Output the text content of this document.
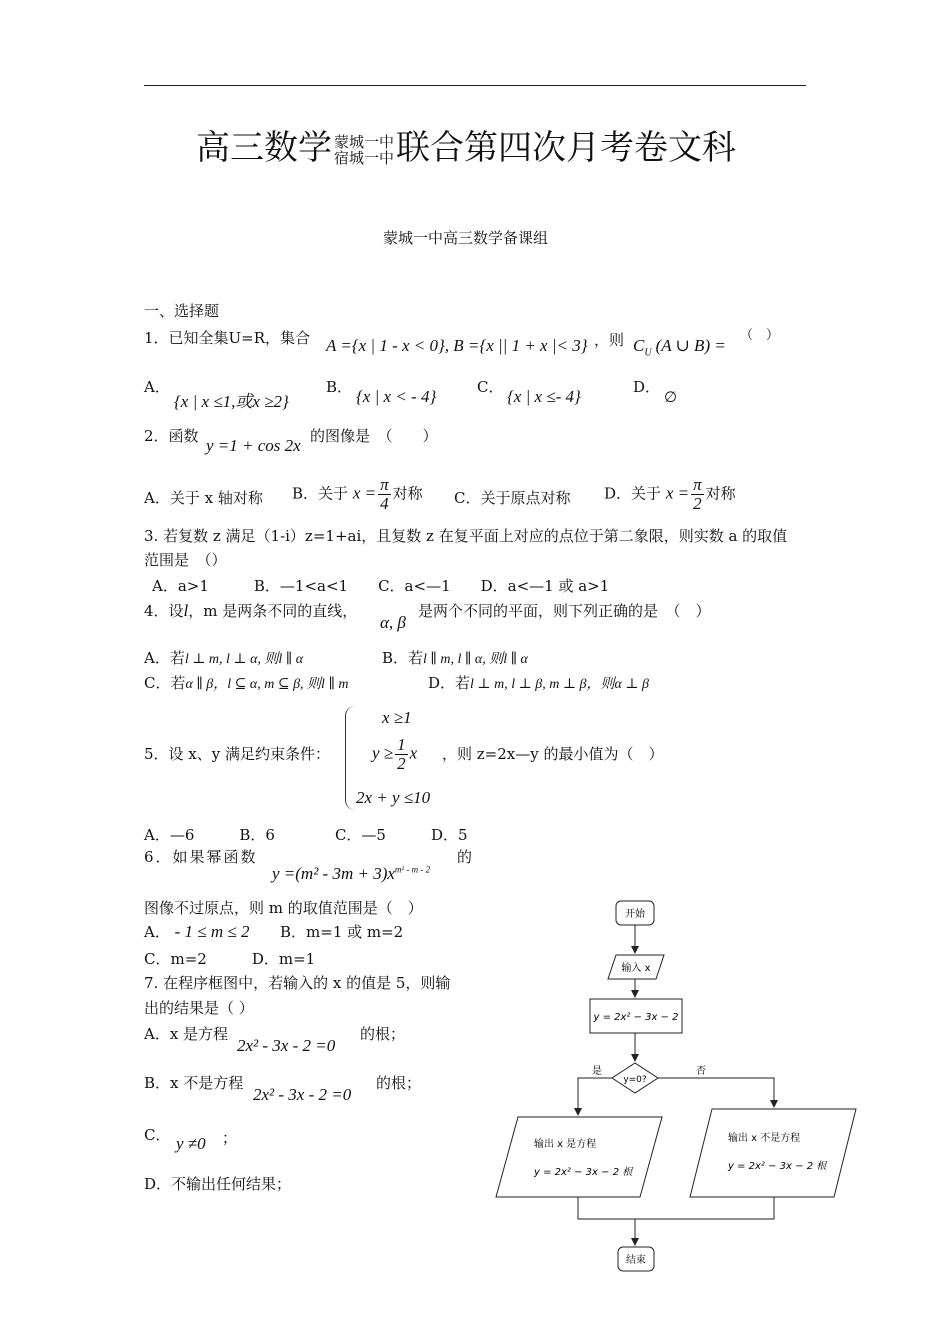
高三数学 蒙城一中
宿城一中 联合第四次月考卷文科
蒙城一中高三数学备课组
一、选择题
1．已知全集U=R，集合 A ={x | 1 - x < 0}, B ={x || 1 + x |< 3} ，则 $C_U$ (A ∪ B) =
（　）
A．
{x | x ≤1,或x ≥2}
B． {x | x < - 4}	C． {x | x ≤- 4}	D．
∅
2．函数 y =1 + cos 2x 的图像是　（　　）
A．关于 x 轴对称 B．关于 $x = \frac{\pi}{4}$ 对称 C．关于原点对称 D．关于 $x = \frac{\pi}{2}$ 对称
3. 若复数 z 满足（1-i）z=1+ai，且复数 z 在复平面上对应的点位于第二象限，则实数 a 的取值
范围是　（）
A．a>1　　　B．—1<a<1　　C．a<—1　　D．a<—1 或 a>1
4．设l，m 是两条不同的直线，
α, β
是两个不同的平面，则下列正确的是　（　）
A．若l ⊥ m, l ⊥ α, 则l ∥ α	B．若l ∥ m, l ∥ α, 则l ∥ α
C．若α ∥ β，l ⊆ α, m ⊆ β, 则l ∥ m	D．若l ⊥ m, l ⊥ β, m ⊥ β，则α ⊥ β
5．设 x、y 满足约束条件：
x ≥1
$y \ge \frac{1}{2}$ x
2x + y ≤10
，则 z=2x—y 的最小值为（　）
A．—6　　　B．6　　　　C．—5　　　D．5
6．如果幂函数
$y =(m^2 - 3m + 3)x^{m^2 - m - 2}$
的
图像不过原点，则 m 的取值范围是（　）
A． - 1 ≤ m ≤ 2 B．m=1 或 m=2
C．m=2　　　D．m=1
7. 在程序框图中，若输入的 x 的值是 5，则输
出的结果是（ ）
A．x 是方程
2x² - 3x - 2 =0
的根；
B．x 不是方程
2x² - 3x - 2 =0
的根；
C． y ≠0 ；
D．不输出任何结果；
开始
输入 x
y = 2x² − 3x − 2
y=0?
是	否
输出 x 是方程
y = 2x² − 3x − 2 根
输出 x 不是方程
y = 2x² − 3x − 2 根
结束
